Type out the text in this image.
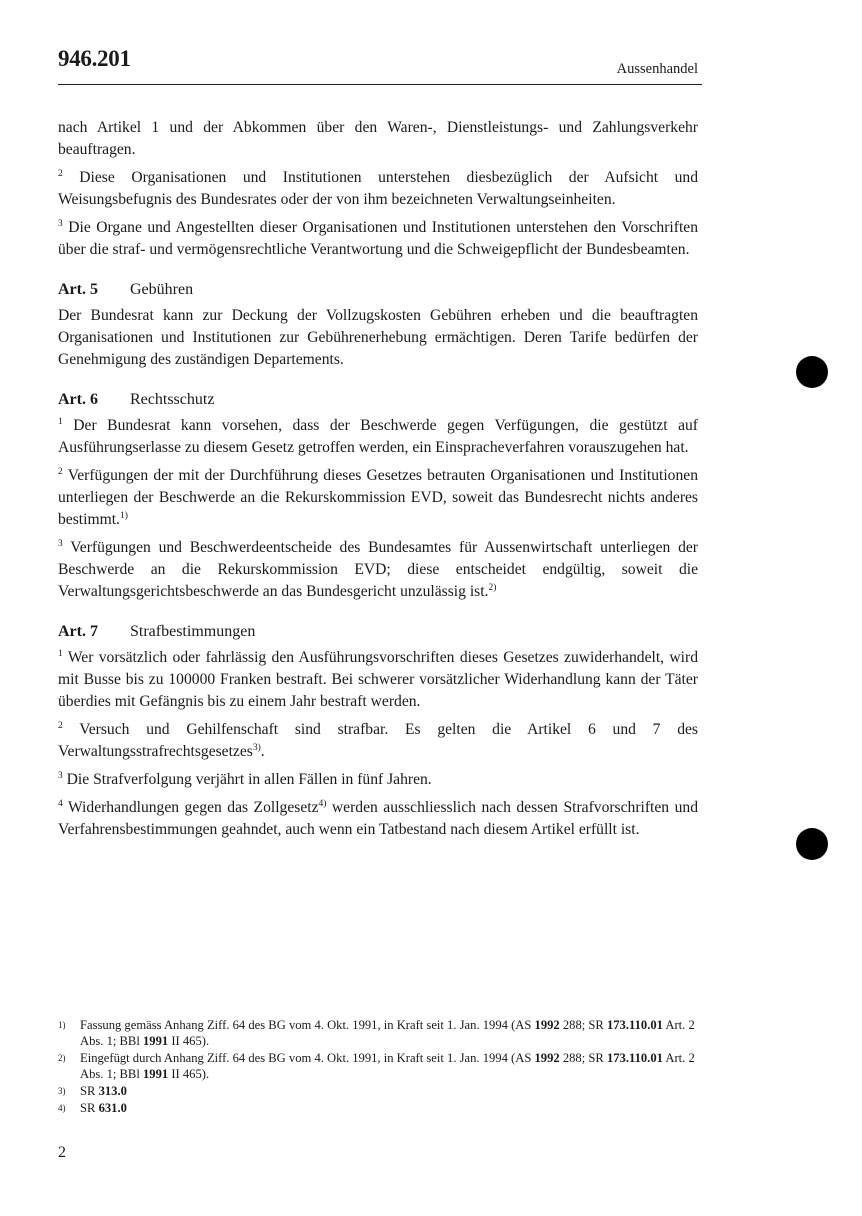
946.201	Aussenhandel

nach Artikel 1 und der Abkommen über den Waren-, Dienstleistungs- und Zahlungsverkehr beauftragen.

$^2$ Diese Organisationen und Institutionen unterstehen diesbezüglich der Aufsicht und Weisungsbefugnis des Bundesrates oder der von ihm bezeichneten Verwaltungseinheiten.

$^3$ Die Organe und Angestellten dieser Organisationen und Institutionen unterstehen den Vorschriften über die straf- und vermögensrechtliche Verantwortung und die Schweigepflicht der Bundesbeamten.

Art. 5 Gebühren

Der Bundesrat kann zur Deckung der Vollzugskosten Gebühren erheben und die beauftragten Organisationen und Institutionen zur Gebührenerhebung ermächtigen. Deren Tarife bedürfen der Genehmigung des zuständigen Departements.

Art. 6 Rechtsschutz

$^1$ Der Bundesrat kann vorsehen, dass der Beschwerde gegen Verfügungen, die gestützt auf Ausführungserlasse zu diesem Gesetz getroffen werden, ein Einspracheverfahren vorauszugehen hat.

$^2$ Verfügungen der mit der Durchführung dieses Gesetzes betrauten Organisationen und Institutionen unterliegen der Beschwerde an die Rekurskommission EVD, soweit das Bundesrecht nichts anderes bestimmt.$^{1)}$

$^3$ Verfügungen und Beschwerdeentscheide des Bundesamtes für Aussenwirtschaft unterliegen der Beschwerde an die Rekurskommission EVD; diese entscheidet endgültig, soweit die Verwaltungsgerichtsbeschwerde an das Bundesgericht unzulässig ist.$^{2)}$

Art. 7 Strafbestimmungen

$^1$ Wer vorsätzlich oder fahrlässig den Ausführungsvorschriften dieses Gesetzes zuwiderhandelt, wird mit Busse bis zu 100000 Franken bestraft. Bei schwerer vorsätzlicher Widerhandlung kann der Täter überdies mit Gefängnis bis zu einem Jahr bestraft werden.

$^2$ Versuch und Gehilfenschaft sind strafbar. Es gelten die Artikel 6 und 7 des Verwaltungsstrafrechtsgesetzes$^{3)}$.

$^3$ Die Strafverfolgung verjährt in allen Fällen in fünf Jahren.

$^4$ Widerhandlungen gegen das Zollgesetz$^{4)}$ werden ausschliesslich nach dessen Strafvorschriften und Verfahrensbestimmungen geahndet, auch wenn ein Tatbestand nach diesem Artikel erfüllt ist.

1)	Fassung gemäss Anhang Ziff. 64 des BG vom 4. Okt. 1991, in Kraft seit 1. Jan. 1994 (AS 1992 288; SR 173.110.01 Art. 2 Abs. 1; BBl 1991 II 465).
2)	Eingefügt durch Anhang Ziff. 64 des BG vom 4. Okt. 1991, in Kraft seit 1. Jan. 1994 (AS 1992 288; SR 173.110.01 Art. 2 Abs. 1; BBl 1991 II 465).
3)	SR 313.0
4)	SR 631.0
2
